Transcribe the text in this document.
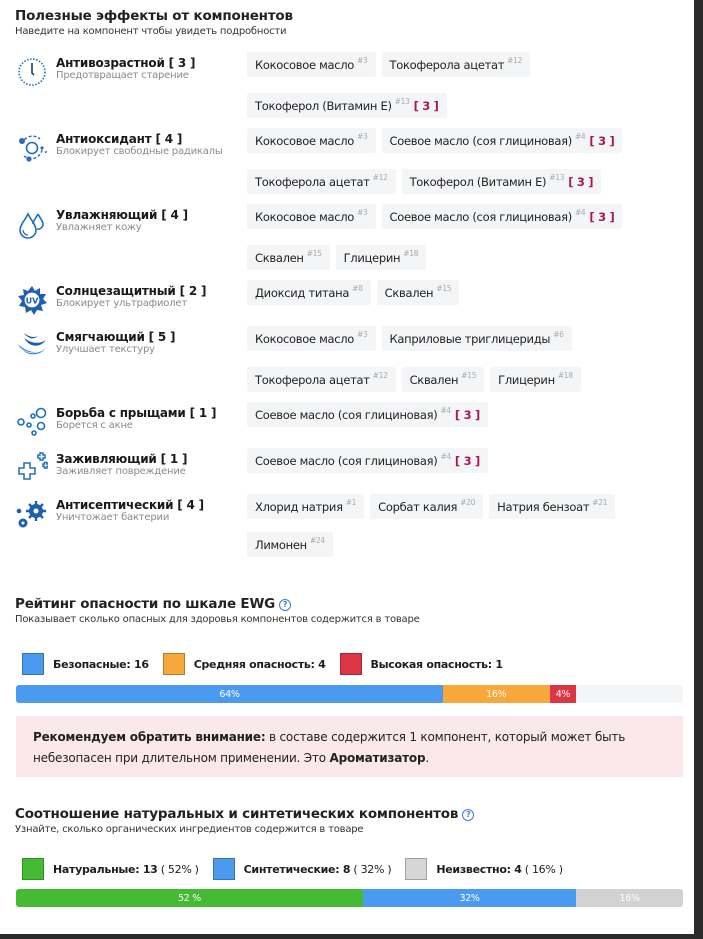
Полезные эффекты от компонентов
Наведите на компонент чтобы увидеть подробности
Антивозрастной [ 3 ]
Предотвращает старение
Кокосовое масло $^{\#3}$ Токоферола ацетат $^{\#12}$
Токоферол (Витамин Е) $^{\#13}$ [ 3 ]
Антиоксидант [ 4 ]
Блокирует свободные радикалы
Кокосовое масло $^{\#3}$ Соевое масло (соя глициновая) $^{\#4}$ [ 3 ]
Токоферола ацетат $^{\#12}$ Токоферол (Витамин Е) $^{\#13}$ [ 3 ]
Увлажняющий [ 4 ]
Увлажняет кожу
Кокосовое масло $^{\#3}$ Соевое масло (соя глициновая) $^{\#4}$ [ 3 ]
Сквален $^{\#15}$ Глицерин $^{\#18}$
UV
Солнцезащитный [ 2 ]
Блокирует ультрафиолет
Диоксид титана $^{\#8}$ Сквален $^{\#15}$
Смягчающий [ 5 ]
Улучшает текстуру
Кокосовое масло $^{\#3}$ Каприловые триглицериды $^{\#6}$
Токоферола ацетат $^{\#12}$ Сквален $^{\#15}$ Глицерин $^{\#18}$
Борьба с прыщами [ 1 ]
Борется с акне
Соевое масло (соя глициновая) $^{\#4}$ [ 3 ]
Заживляющий [ 1 ]
Заживляет повреждение
Соевое масло (соя глициновая) $^{\#4}$ [ 3 ]
Антисептический [ 4 ]
Уничтожает бактерии
Хлорид натрия $^{\#1}$ Сорбат калия $^{\#20}$ Натрия бензоат $^{\#21}$
Лимонен $^{\#24}$
Рейтинг опасности по шкале EWG ?
Показывает сколько опасных для здоровья компонентов содержится в товаре
Безопасные: 16	Средняя опасность: 4	Высокая опасность: 1
64%	16%	4%
Рекомендуем обратить внимание: в составе содержится 1 компонент, который может быть небезопасен при длительном применении. Это Ароматизатор.
Соотношение натуральных и синтетических компонентов ?
Узнайте, сколько органических ингредиентов содержится в товаре
Натуральные: 13 ( 52% )	Синтетические: 8 ( 32% )	Неизвестно: 4 ( 16% )
52 %	32%	16%
